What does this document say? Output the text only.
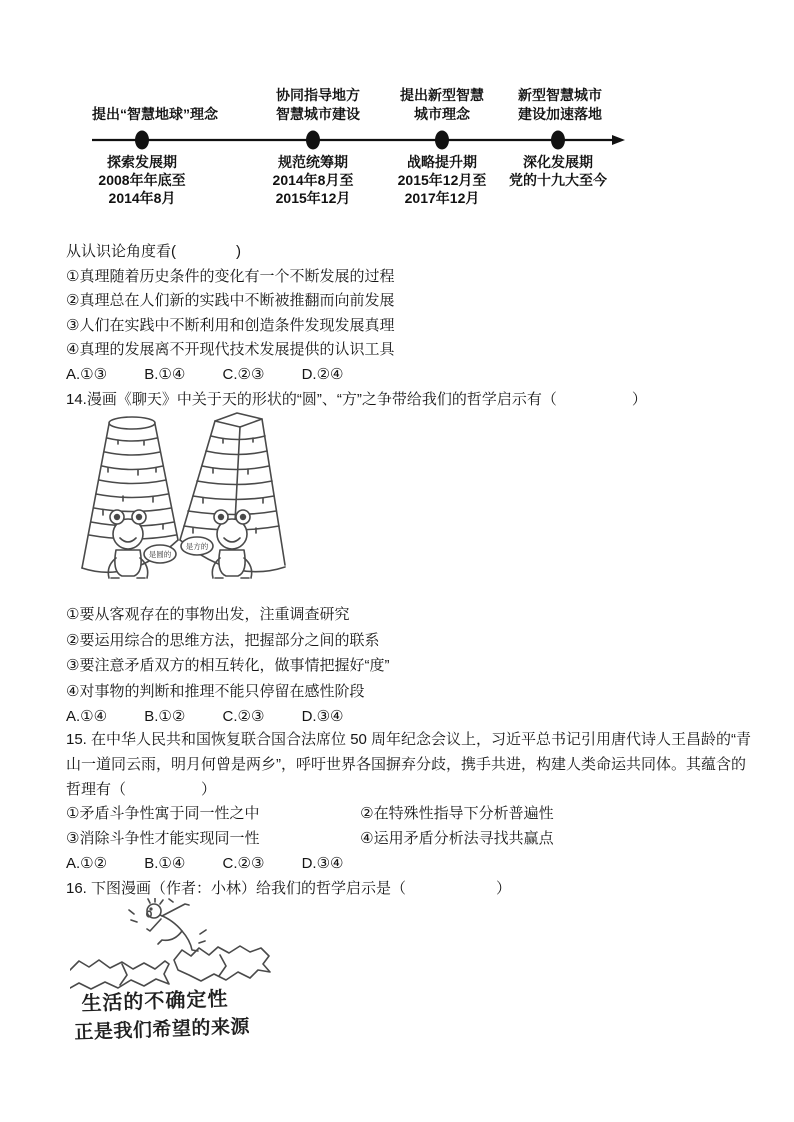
提出“智慧地球”理念
协同指导地方
智慧城市建设
提出新型智慧
城市理念
新型智慧城市
建设加速落地
探索发展期
2008年年底至
2014年8月
规范统筹期
2014年8月至
2015年12月
战略提升期
2015年12月至
2017年12月
深化发展期
党的十九大至今
从认识论角度看(　　　　)
①真理随着历史条件的变化有一个不断发展的过程
②真理总在人们新的实践中不断被推翻而向前发展
③人们在实践中不断利用和创造条件发现发展真理
④真理的发展离不开现代技术发展提供的认识工具
A.①③ B.①④ C.②③ D.②④
14.漫画《聊天》中关于天的形状的“圆”、“方”之争带给我们的哲学启示有（　　　　　）
是圆的
是方的
①要从客观存在的事物出发，注重调查研究
②要运用综合的思维方法，把握部分之间的联系
③要注意矛盾双方的相互转化，做事情把握好“度”
④对事物的判断和推理不能只停留在感性阶段
A.①④ B.①② C.②③ D.③④
15. 在中华人民共和国恢复联合国合法席位 50 周年纪念会议上，习近平总书记引用唐代诗人王昌龄的“青
山一道同云雨，明月何曾是两乡”，呼吁世界各国摒弃分歧，携手共进，构建人类命运共同体。其蕴含的
哲理有（　　　　　）
①矛盾斗争性寓于同一性之中	②在特殊性指导下分析普遍性
③消除斗争性才能实现同一性	④运用矛盾分析法寻找共赢点
A.①② B.①④ C.②③ D.③④
16. 下图漫画（作者：小林）给我们的哲学启示是（　　　　　　）
生活的不确定性
正是我们希望的来源
